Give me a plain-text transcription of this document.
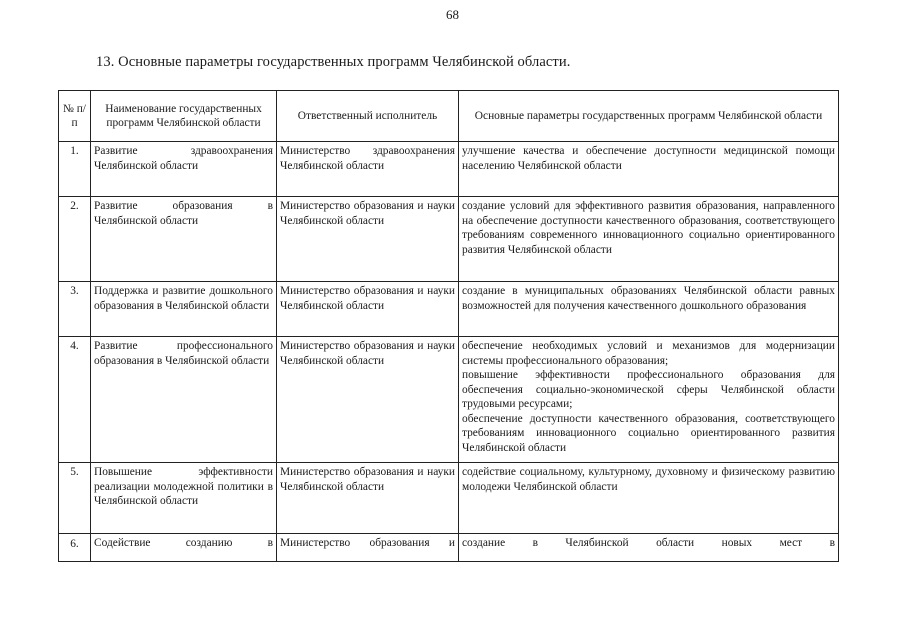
68
13. Основные параметры государственных программ Челябинской области.
№ п/п	Наименование государственных программ Челябинской области	Ответственный исполнитель	Основные параметры государственных программ Челябинской области
1.	Развитие здравоохранения Челябинской области	Министерство здравоохранения Челябинской области	улучшение качества и обеспечение доступности медицинской помощи населению Челябинской области

2.	Развитие образования в Челябинской области	Министерство образования и науки Челябинской области	создание условий для эффективного развития образования, направленного на обеспечение доступности качественного образования, соответствующего требованиям современного инновационного социально ориентированного развития Челябинской области

3.	Поддержка и развитие дошкольного образования в Челябинской области	Министерство образования и науки Челябинской области	создание в муниципальных образованиях Челябинской области равных возможностей для получения качественного дошкольного образования

4.	Развитие профессионального образования в Челябинской области	Министерство образования и науки Челябинской области	обеспечение необходимых условий и механизмов для модернизации системы профессионального образования;
повышение эффективности профессионального образования для обеспечения социально-экономической сферы Челябинской области трудовыми ресурсами;
обеспечение доступности качественного образования, соответствующего требованиям инновационного социально ориентированного развития Челябинской области

5.	Повышение эффективности реализации молодежной политики в Челябинской области	Министерство образования и науки Челябинской области	содействие социальному, культурному, духовному и физическому развитию молодежи Челябинской области

6.	Содействие созданию в	Министерство образования и	создание в Челябинской области новых мест в
